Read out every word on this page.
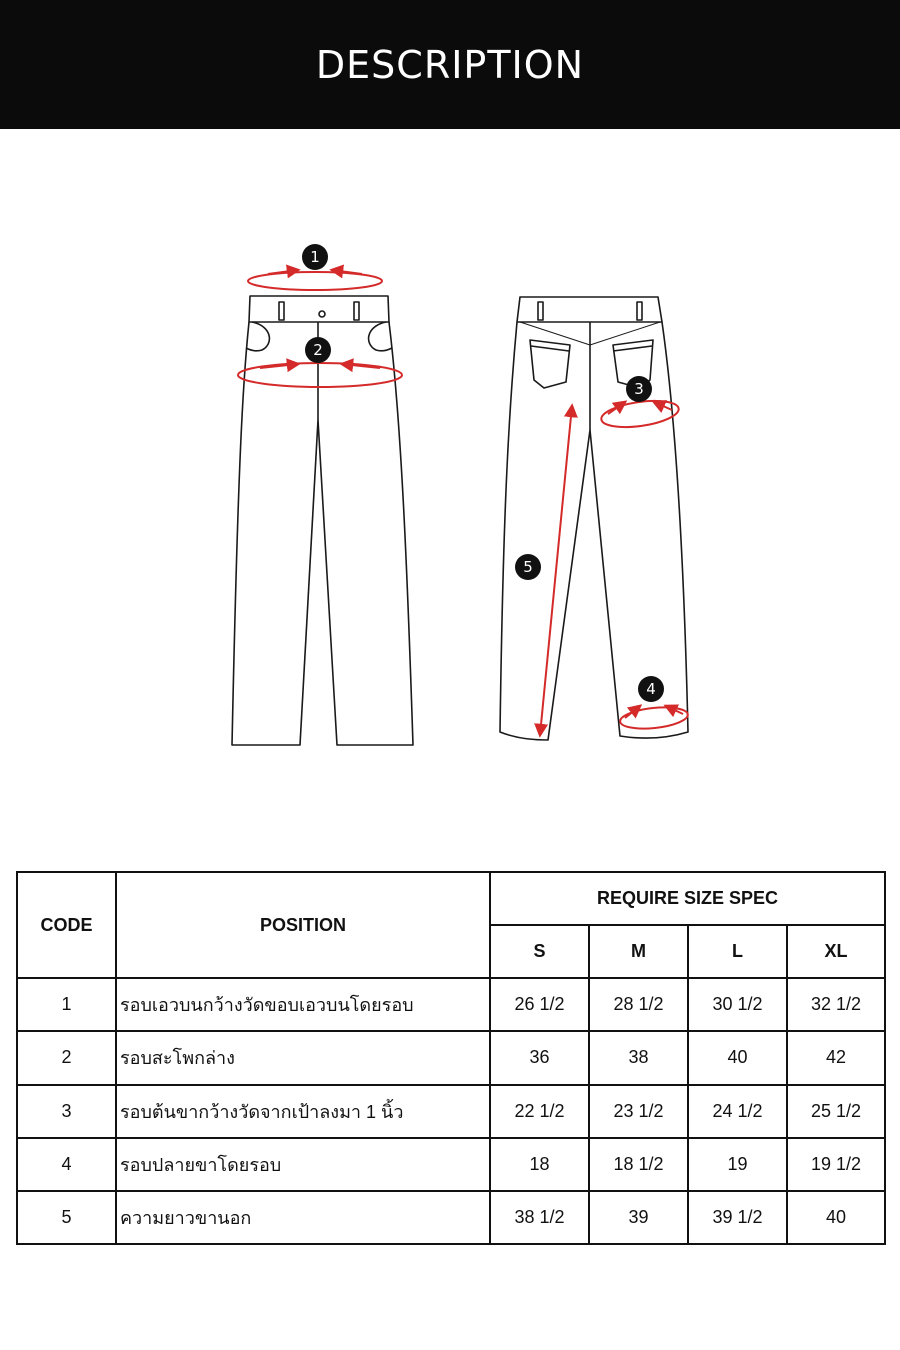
DESCRIPTION
1
2
3
4
5
CODE	POSITION	REQUIRE SIZE SPEC			
		S	M	L	XL
1	รอบเอวบนกว้างวัดขอบเอวบนโดยรอบ	26 1/2	28 1/2	30 1/2	32 1/2
2	รอบสะโพกล่าง	36	38	40	42
3	รอบต้นขากว้างวัดจากเป้าลงมา 1 นิ้ว	22 1/2	23 1/2	24 1/2	25 1/2
4	รอบปลายขาโดยรอบ	18	18 1/2	19	19 1/2
5	ความยาวขานอก	38 1/2	39	39 1/2	40
